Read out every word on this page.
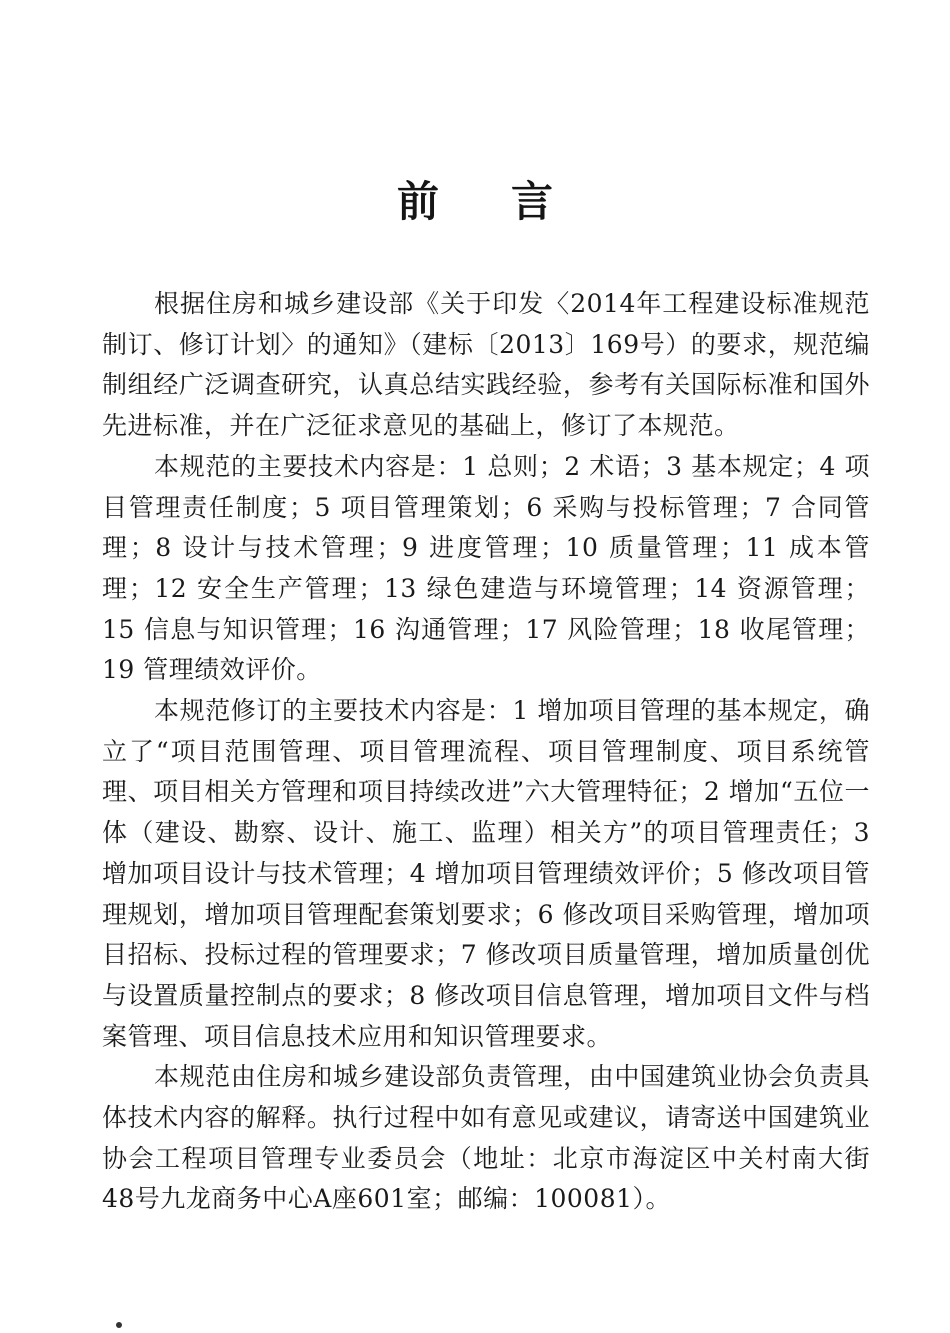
前言

根据住房和城乡建设部《关于印发〈2014年工程建设标准规范制订、修订计划〉的通知》（建标〔2013〕169号）的要求，规范编制组经广泛调查研究，认真总结实践经验，参考有关国际标准和国外先进标准，并在广泛征求意见的基础上，修订了本规范。

本规范的主要技术内容是：1 总则；2 术语；3 基本规定；4 项目管理责任制度；5 项目管理策划；6 采购与投标管理；7 合同管理；8 设计与技术管理；9 进度管理；10 质量管理；11 成本管理；12 安全生产管理；13 绿色建造与环境管理；14 资源管理；15 信息与知识管理；16 沟通管理；17 风险管理；18 收尾管理；19 管理绩效评价。

本规范修订的主要技术内容是：1 增加项目管理的基本规定，确立了“项目范围管理、项目管理流程、项目管理制度、项目系统管理、项目相关方管理和项目持续改进”六大管理特征；2 增加“五位一体（建设、勘察、设计、施工、监理）相关方”的项目管理责任；3 增加项目设计与技术管理；4 增加项目管理绩效评价；5 修改项目管理规划，增加项目管理配套策划要求；6 修改项目采购管理，增加项目招标、投标过程的管理要求；7 修改项目质量管理，增加质量创优与设置质量控制点的要求；8 修改项目信息管理，增加项目文件与档案管理、项目信息技术应用和知识管理要求。

本规范由住房和城乡建设部负责管理，由中国建筑业协会负责具体技术内容的解释。执行过程中如有意见或建议，请寄送中国建筑业协会工程项目管理专业委员会（地址：北京市海淀区中关村南大街48号九龙商务中心A座601室；邮编：100081）。
